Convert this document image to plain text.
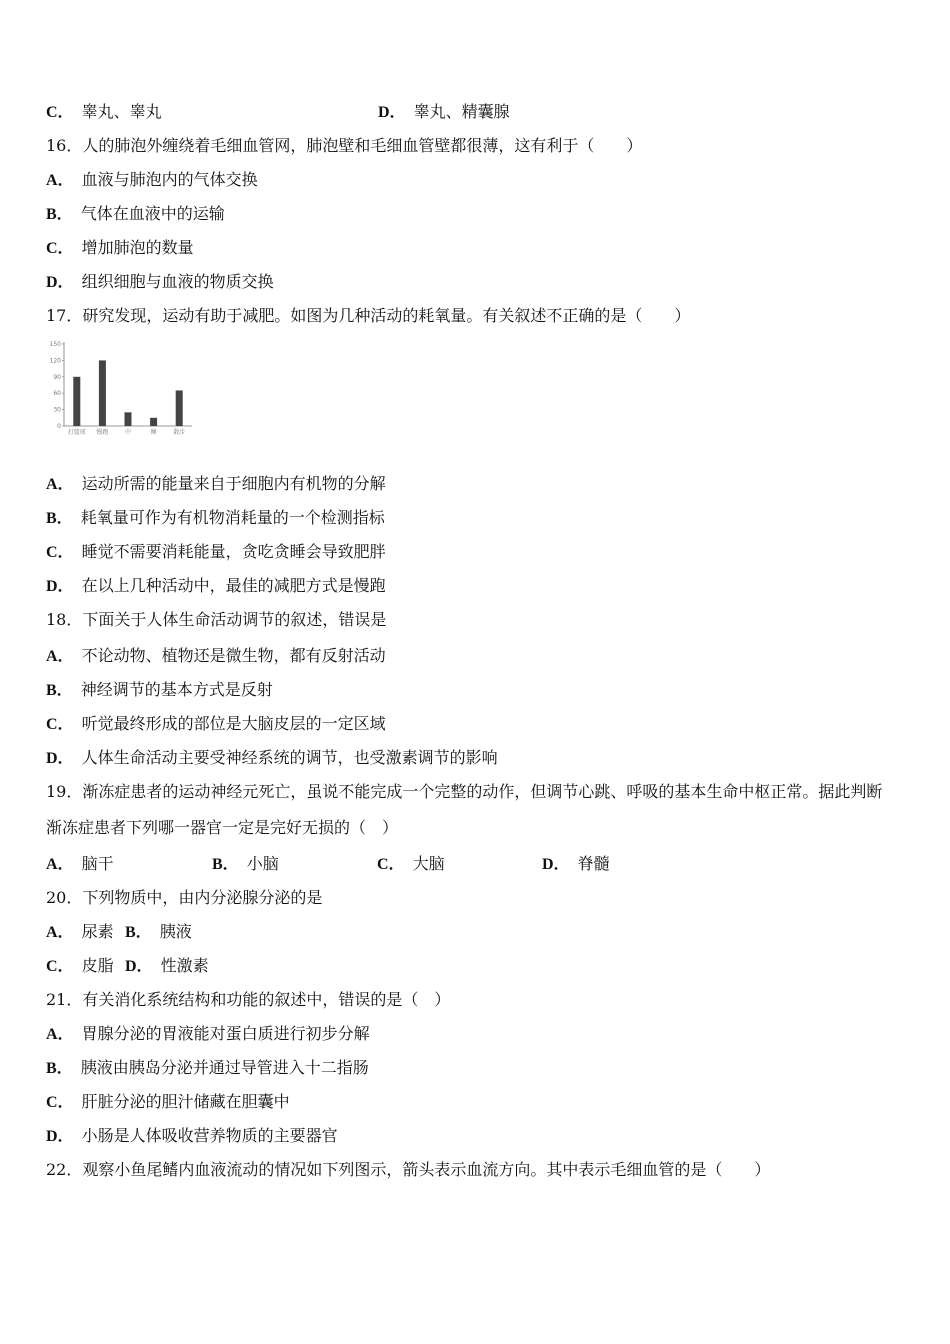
C． 睾丸、睾丸	D． 睾丸、精囊腺
16．人的肺泡外缠绕着毛细血管网，肺泡壁和毛细血管壁都很薄，这有利于（　　）
A． 血液与肺泡内的气体交换
B． 气体在血液中的运输
C． 增加肺泡的数量
D． 组织细胞与血液的物质交换
17．研究发现，运动有助于减肥。如图为几种活动的耗氧量。有关叙述不正确的是（　　）
0
30
60
90
120
150
打篮球 慢跑	中	睡	散步
A． 运动所需的能量来自于细胞内有机物的分解
B． 耗氧量可作为有机物消耗量的一个检测指标
C． 睡觉不需要消耗能量，贪吃贪睡会导致肥胖
D． 在以上几种活动中，最佳的减肥方式是慢跑
18．下面关于人体生命活动调节的叙述，错误是
A． 不论动物、植物还是微生物，都有反射活动
B． 神经调节的基本方式是反射
C． 听觉最终形成的部位是大脑皮层的一定区域
D． 人体生命活动主要受神经系统的调节，也受激素调节的影响
19．渐冻症患者的运动神经元死亡，虽说不能完成一个完整的动作，但调节心跳、呼吸的基本生命中枢正常。据此判断
渐冻症患者下列哪一器官一定是完好无损的（　）
A． 脑干	B． 小脑	C． 大脑	D． 脊髓
20．下列物质中，由内分泌腺分泌的是
A． 尿素 B． 胰液
C． 皮脂 D． 性激素
21．有关消化系统结构和功能的叙述中，错误的是（　）
A． 胃腺分泌的胃液能对蛋白质进行初步分解
B． 胰液由胰岛分泌并通过导管进入十二指肠
C． 肝脏分泌的胆汁储藏在胆囊中
D． 小肠是人体吸收营养物质的主要器官
22．观察小鱼尾鳍内血液流动的情况如下列图示，箭头表示血流方向。其中表示毛细血管的是（　　）
